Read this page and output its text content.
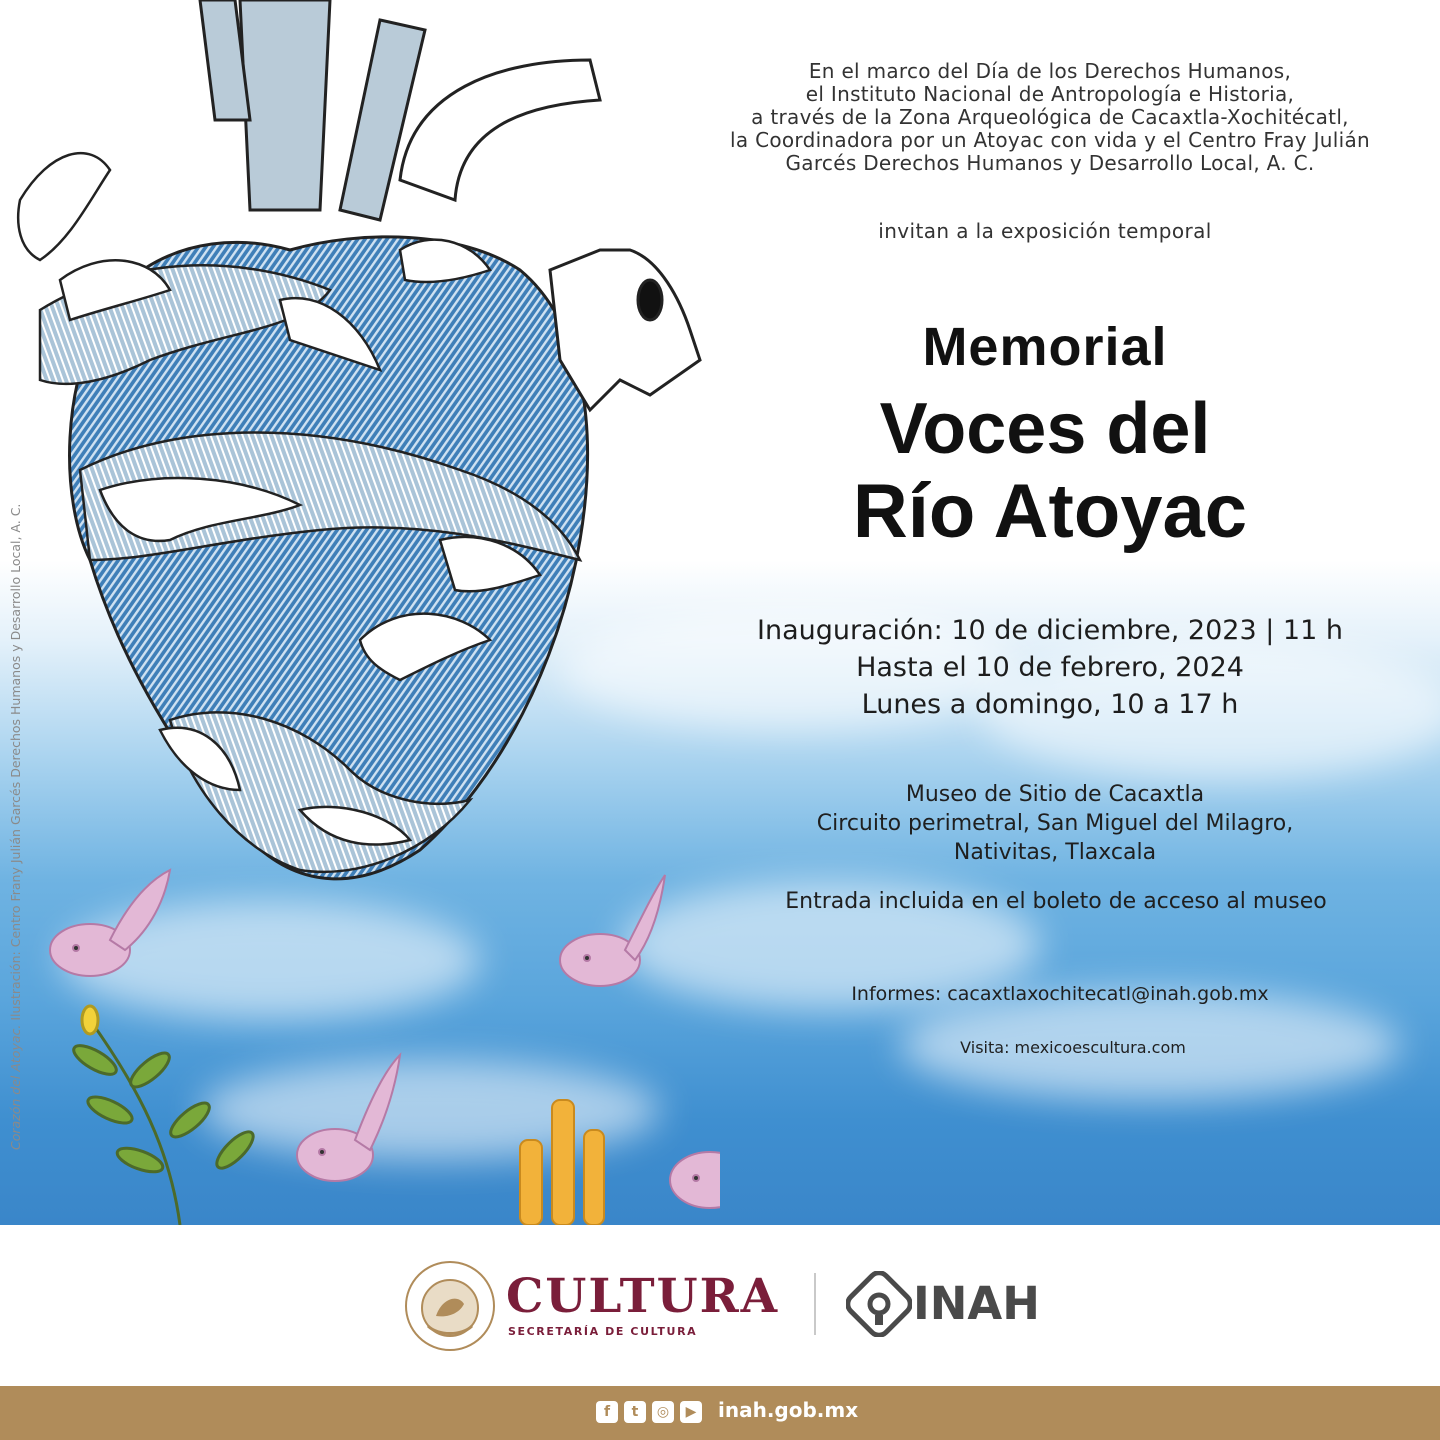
Corazón del Atoyac. Ilustración: Centro Frany Julián Garcés Derechos Humanos y Desarrollo Local, A. C.
En el marco del Día de los Derechos Humanos,
el Instituto Nacional de Antropología e Historia,
a través de la Zona Arqueológica de Cacaxtla-Xochitécatl,
la Coordinadora por un Atoyac con vida y el Centro Fray Julián
Garcés Derechos Humanos y Desarrollo Local, A. C.
invitan a la exposición temporal
Memorial
Voces del
Río Atoyac
Inauguración: 10 de diciembre, 2023 | 11 h
Hasta el 10 de febrero, 2024
Lunes a domingo, 10 a 17 h
Museo de Sitio de Cacaxtla
Circuito perimetral, San Miguel del Milagro,
Nativitas, Tlaxcala
Entrada incluida en el boleto de acceso al museo
Informes: cacaxtlaxochitecatl@inah.gob.mx
Visita: mexicoescultura.com
CULTURA
SECRETARÍA DE CULTURA
INAH
f t ◎ ▶ inah.gob.mx
